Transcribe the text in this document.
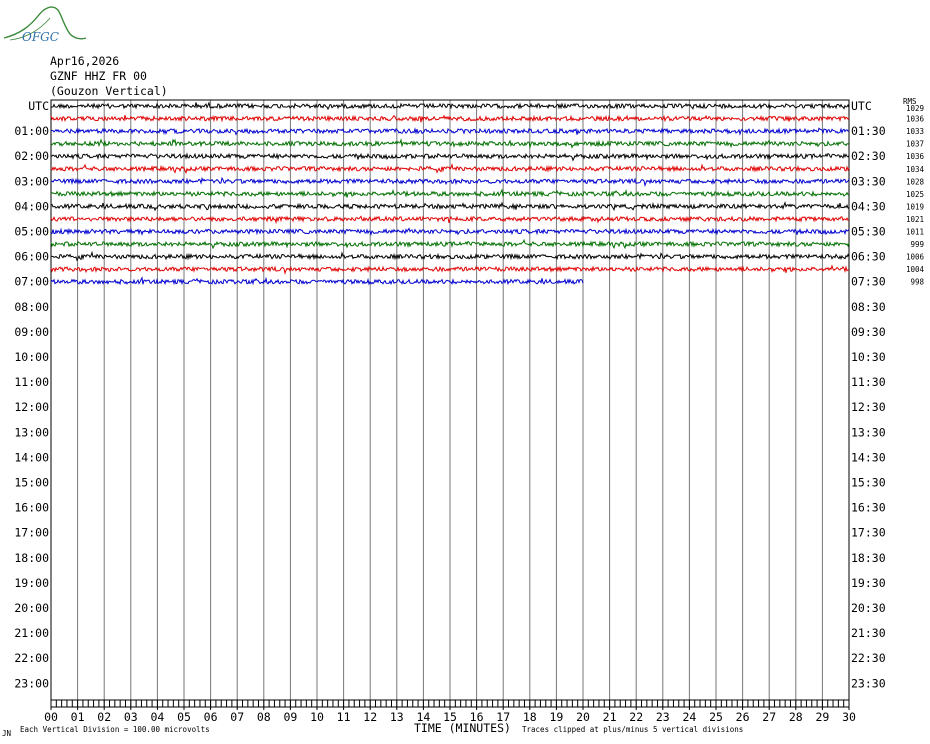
OFGC
Apr16,2026
GZNF HHZ FR 00
(Gouzon Vertical)
UTC
01:00
02:00
03:00
04:00
05:00
06:00
07:00
08:00
09:00
10:00
11:00
12:00
13:00
14:00
15:00
16:00
17:00
18:00
19:00
20:00
21:00
22:00
23:00
UTC
01:30
02:30
03:30
04:30
05:30
06:30
07:30
08:30
09:30
10:30
11:30
12:30
13:30
14:30
15:30
16:30
17:30
18:30
19:30
20:30
21:30
22:30
23:30
RMS
1029
1036
1033
1037
1036
1034
1028
1025
1019
1021
1011
999
1006
1004
998
00 01 02 03 04 05 06 07 08 09 10 11 12 13 14 15 16 17 18 19 20 21 22 23 24 25 26 27 28 29 30
JN Each Vertical Division = 100.00 microvolts	TIME (MINUTES) Traces clipped at plus/minus 5 vertical divisions
